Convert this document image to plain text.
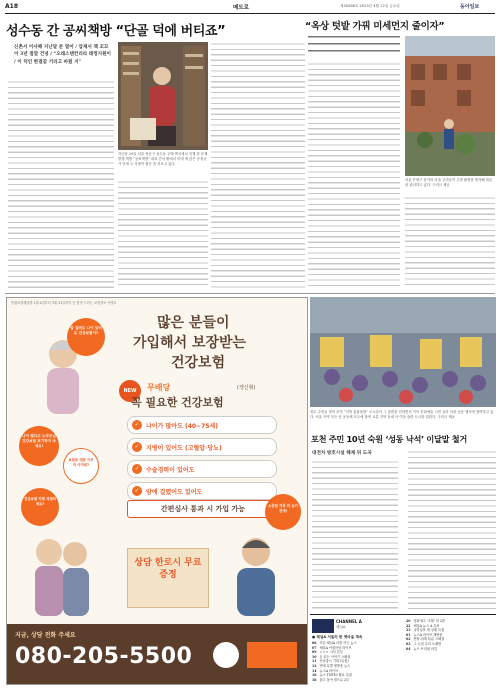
A18	메트로	제30086호 2023년 4월 12일 금요일	동아일보
성수동 간 공씨책방 “단골 덕에 버티죠”
신촌서 이사해 지난달 문 열어 / 압제서 책 꼬꼬이 3년 점말 건녕 / “오래스탠컨리라 레컹지원이 / 이 덕인 한결같 거리고 바꿨 지”
지난달 29일 서울 성동구 성수동 주택 벽식에서 진행 한 문제 발행 책방 “공씨책방” 대표 간석 팔에서 미에 에 앉은 공장규가 단에 두 사장이 원은 좀 서보고 있다.
“옥상 텃밭 가꿔 미세먼지 줄이자”
서울 은평구 삼가리 마을 주민들이 주변 환경을 생각해 화분을 관리하고 있다. 구리시 제공
통합보험해설방 1월 4일부터 3월 31일까지 단 한번 드리는 보험정보 이벤트
많은 분들이
가입해서 보장받는
건강보험
NEW	무배당	(갱신형)
꼭 필요한 건강보험
✓	나이가 많아도 (40~75세)
✓	지병이 있어도 (고혈압·당뇨)
✓	수술경력이 있어도
✓	암에 걸렸어도 있어도
간편심사 통과 시 가입 가능
암 걸려도 나이 있어도 건강보험이?
나이 많다고 노부모님 건강보험 포기하지 마세요!
보험료 때문 아무리 아까워?
건강보험 지병 걱정되세요?	소중한 가족 더 늦기 전에!
상담 한로시 무료증정
지금, 상담 전화 주세요
080-205-5500
장수 주민들 정이 모여 “지역 통합돌봄” 도시들이 그 말씀을 전하면서 가득 문화예술 시민 유아 마을 공동 행사에 참여하고 있다. 서울 지역 모든 곳 공동체 모두에 참여 교류 지역 동네 사 이웃 관련 도시를 위한다. 구리시 제공
포천 주민 10년 숙원 ‘성동 낙석’ 이달말 철거
대전차 방호시설 해제 뒤 도곡
CHANNEL A
채널A
● 채널A 서울의 한 옛마을 계속
06 모던 채널A 마을 여는 뉴스
07 채널A 아침마당 라이브
09 ㅇㅇㅇ 시사 본부
10 돈 되는 이야기 스페셜
11 신상출시 기획 (특집)
12 연예 특별 생방송 뉴스
14 뉴스A 라이브
16 뉴스 TOP10 월요 특집
18 돌고 돌아 집으로 2부
20 영화예고 '초월' 외 2편
22 채널A 뉴스 A 특보
23 나라일보 새 상황 특집
01 뉴스A 라이브 재방송
02 현장 취재 다큐 스페셜
03 그 시절 우리 노래방
04 뉴스 브리핑 마감
